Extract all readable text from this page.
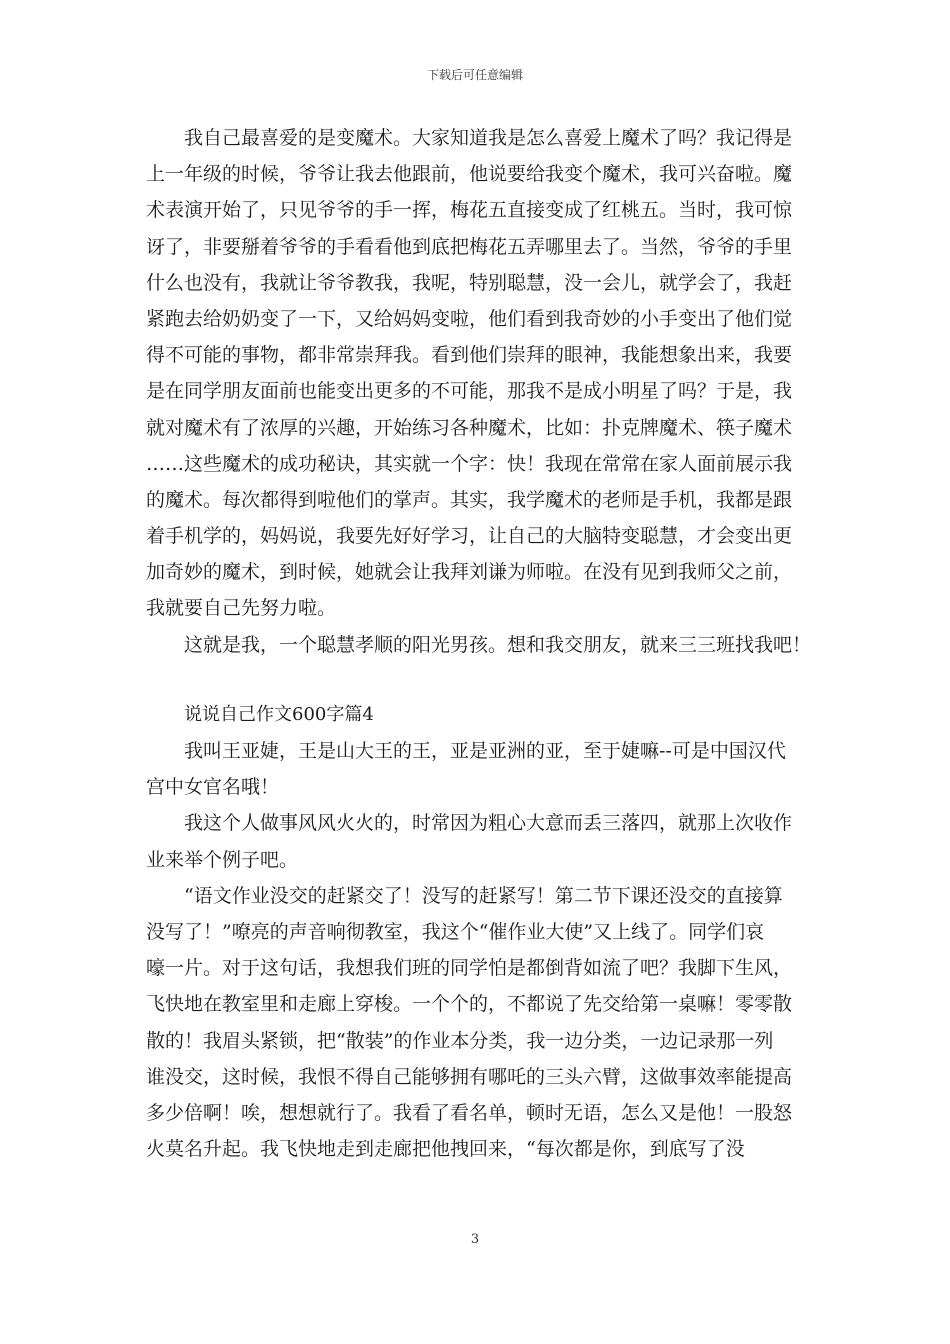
下载后可任意编辑
我自己最喜爱的是变魔术。大家知道我是怎么喜爱上魔术了吗？我记得是
上一年级的时候，爷爷让我去他跟前，他说要给我变个魔术，我可兴奋啦。魔
术表演开始了，只见爷爷的手一挥，梅花五直接变成了红桃五。当时，我可惊
讶了，非要掰着爷爷的手看看他到底把梅花五弄哪里去了。当然，爷爷的手里
什么也没有，我就让爷爷教我，我呢，特别聪慧，没一会儿，就学会了，我赶
紧跑去给奶奶变了一下，又给妈妈变啦，他们看到我奇妙的小手变出了他们觉
得不可能的事物，都非常崇拜我。看到他们崇拜的眼神，我能想象出来，我要
是在同学朋友面前也能变出更多的不可能，那我不是成小明星了吗？于是，我
就对魔术有了浓厚的兴趣，开始练习各种魔术，比如：扑克牌魔术、筷子魔术
……这些魔术的成功秘诀，其实就一个字：快！我现在常常在家人面前展示我
的魔术。每次都得到啦他们的掌声。其实，我学魔术的老师是手机，我都是跟
着手机学的，妈妈说，我要先好好学习，让自己的大脑特变聪慧，才会变出更
加奇妙的魔术，到时候，她就会让我拜刘谦为师啦。在没有见到我师父之前，
我就要自己先努力啦。
这就是我，一个聪慧孝顺的阳光男孩。想和我交朋友，就来三三班找我吧！
说说自己作文600字篇4
我叫王亚婕，王是山大王的王，亚是亚洲的亚，至于婕嘛--可是中国汉代
宫中女官名哦！
我这个人做事风风火火的，时常因为粗心大意而丢三落四，就那上次收作
业来举个例子吧。
“语文作业没交的赶紧交了！没写的赶紧写！第二节下课还没交的直接算
没写了！”嘹亮的声音响彻教室，我这个“催作业大使”又上线了。同学们哀
嚎一片。对于这句话，我想我们班的同学怕是都倒背如流了吧？我脚下生风，
飞快地在教室里和走廊上穿梭。一个个的，不都说了先交给第一桌嘛！零零散
散的！我眉头紧锁，把“散装”的作业本分类，我一边分类，一边记录那一列
谁没交，这时候，我恨不得自己能够拥有哪吒的三头六臂，这做事效率能提高
多少倍啊！唉，想想就行了。我看了看名单，顿时无语，怎么又是他！一股怒
火莫名升起。我飞快地走到走廊把他拽回来，“每次都是你，到底写了没
3
